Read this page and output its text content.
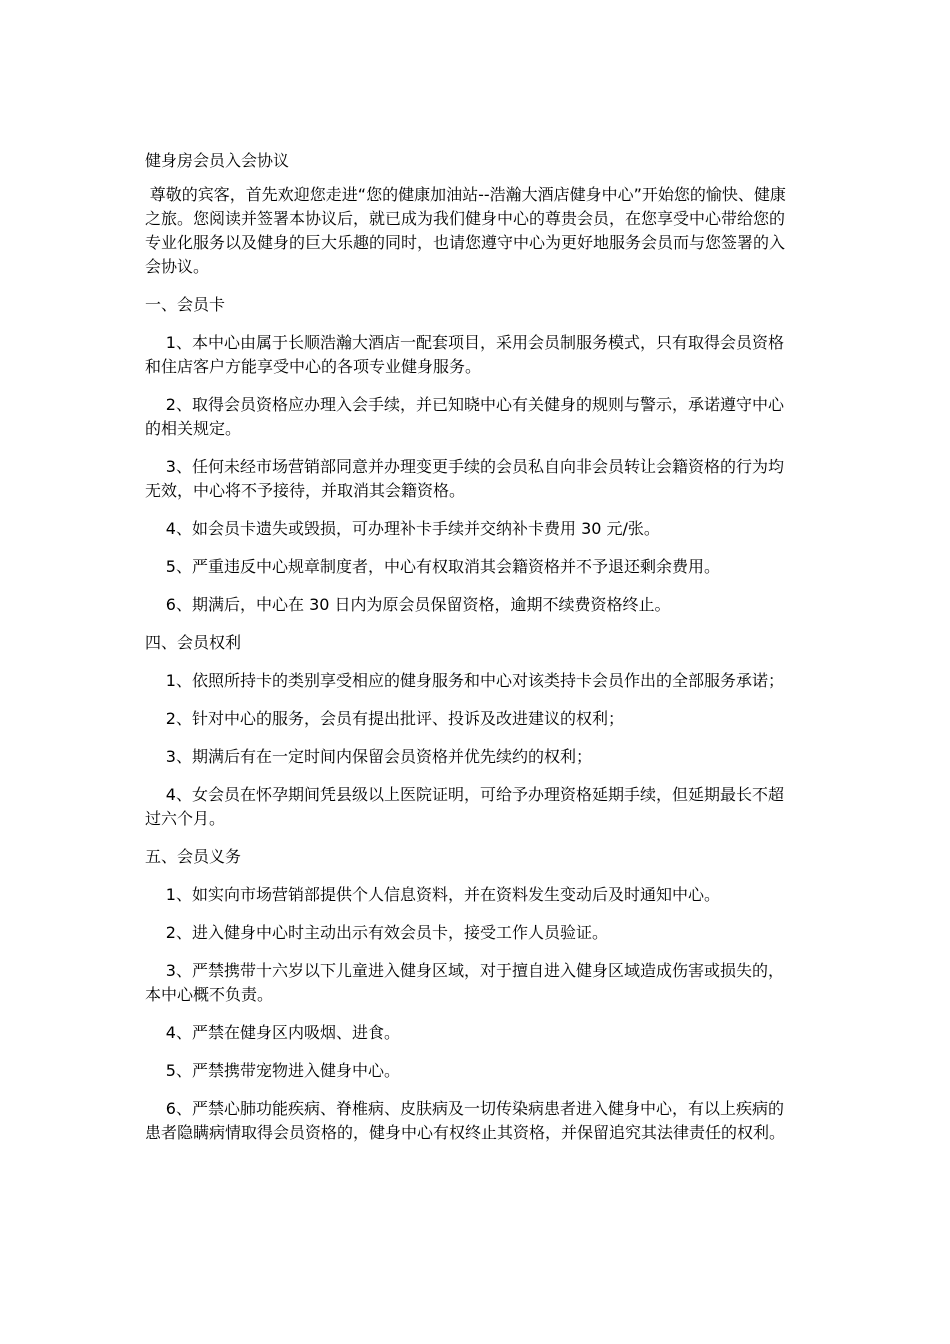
健身房会员入会协议

尊敬的宾客，首先欢迎您走进“您的健康加油站--浩瀚大酒店健身中心”开始您的愉快、健康之旅。您阅读并签署本协议后，就已成为我们健身中心的尊贵会员，在您享受中心带给您的专业化服务以及健身的巨大乐趣的同时，也请您遵守中心为更好地服务会员而与您签署的入会协议。

一、会员卡

1、本中心由属于长顺浩瀚大酒店一配套项目，采用会员制服务模式，只有取得会员资格和住店客户方能享受中心的各项专业健身服务。

2、取得会员资格应办理入会手续，并已知晓中心有关健身的规则与警示，承诺遵守中心的相关规定。

3、任何未经市场营销部同意并办理变更手续的会员私自向非会员转让会籍资格的行为均无效，中心将不予接待，并取消其会籍资格。

4、如会员卡遗失或毁损，可办理补卡手续并交纳补卡费用 30 元/张。

5、严重违反中心规章制度者，中心有权取消其会籍资格并不予退还剩余费用。

6、期满后，中心在 30 日内为原会员保留资格，逾期不续费资格终止。

四、会员权利

1、依照所持卡的类别享受相应的健身服务和中心对该类持卡会员作出的全部服务承诺；

2、针对中心的服务，会员有提出批评、投诉及改进建议的权利；

3、期满后有在一定时间内保留会员资格并优先续约的权利；

4、女会员在怀孕期间凭县级以上医院证明，可给予办理资格延期手续，但延期最长不超过六个月。

五、会员义务

1、如实向市场营销部提供个人信息资料，并在资料发生变动后及时通知中心。

2、进入健身中心时主动出示有效会员卡，接受工作人员验证。

3、严禁携带十六岁以下儿童进入健身区域，对于擅自进入健身区域造成伤害或损失的，本中心概不负责。

4、严禁在健身区内吸烟、进食。

5、严禁携带宠物进入健身中心。

6、严禁心肺功能疾病、脊椎病、皮肤病及一切传染病患者进入健身中心，有以上疾病的患者隐瞒病情取得会员资格的，健身中心有权终止其资格，并保留追究其法律责任的权利。
